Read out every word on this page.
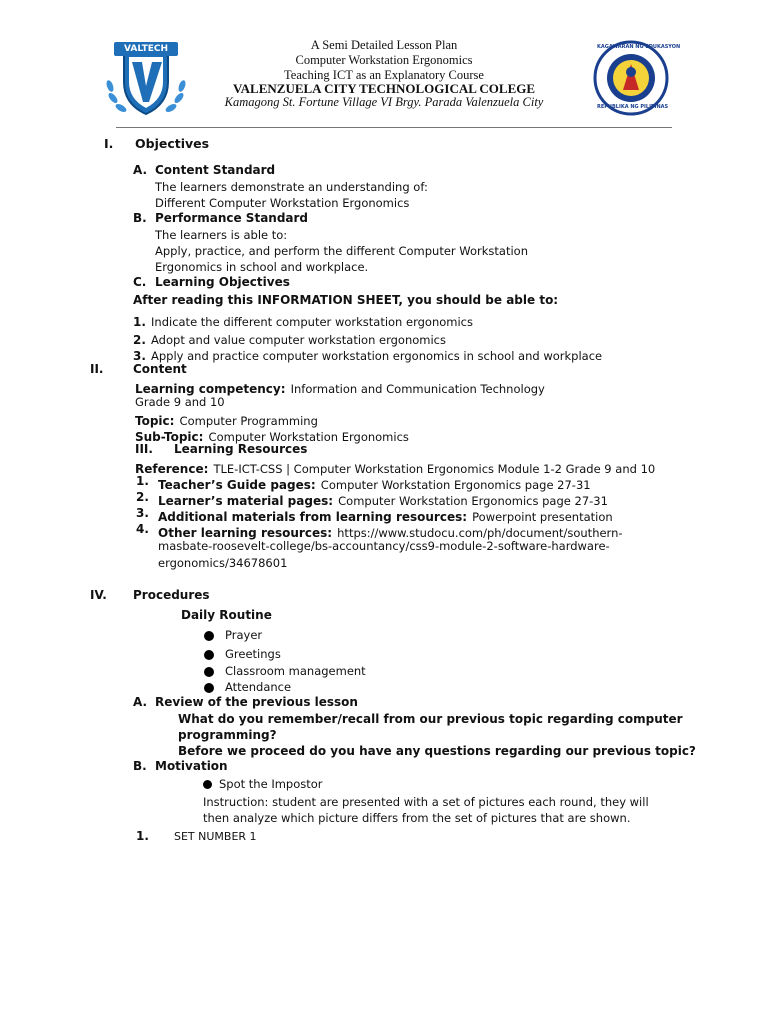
VALTECH	KAGAWARAN NG EDUKASYON
REPUBLIKA NG PILIPINAS
A Semi Detailed Lesson Plan
Computer Workstation Ergonomics
Teaching ICT as an Explanatory Course
VALENZUELA CITY TECHNOLOGICAL COLEGE
Kamagong St. Fortune Village VI Brgy. Parada Valenzuela City
I. Objectives
A. Content Standard
The learners demonstrate an understanding of:
Different Computer Workstation Ergonomics
B. Performance Standard
The learners is able to:
Apply, practice, and perform the different Computer Workstation
Ergonomics in school and workplace.
C. Learning Objectives
After reading this INFORMATION SHEET, you should be able to:
1. Indicate the different computer workstation ergonomics
2. Adopt and value computer workstation ergonomics
3. Apply and practice computer workstation ergonomics in school and workplace
II. Content
Learning competency: Information and Communication Technology
Grade 9 and 10
Topic: Computer Programming
Sub-Topic: Computer Workstation Ergonomics
III. Learning Resources
Reference: TLE-ICT-CSS | Computer Workstation Ergonomics Module 1-2 Grade 9 and 10
1. Teacher’s Guide pages: Computer Workstation Ergonomics page 27-31
2. Learner’s material pages: Computer Workstation Ergonomics page 27-31
3. Additional materials from learning resources: Powerpoint presentation
4. Other learning resources: https://www.studocu.com/ph/document/southern-
masbate-roosevelt-college/bs-accountancy/css9-module-2-software-hardware-
ergonomics/34678601
IV. Procedures
Daily Routine
Prayer
Greetings
Classroom management
Attendance
A. Review of the previous lesson
What do you remember/recall from our previous topic regarding computer
programming?
Before we proceed do you have any questions regarding our previous topic?
B. Motivation
Spot the Impostor
Instruction: student are presented with a set of pictures each round, they will
then analyze which picture differs from the set of pictures that are shown.
1. SET NUMBER 1
